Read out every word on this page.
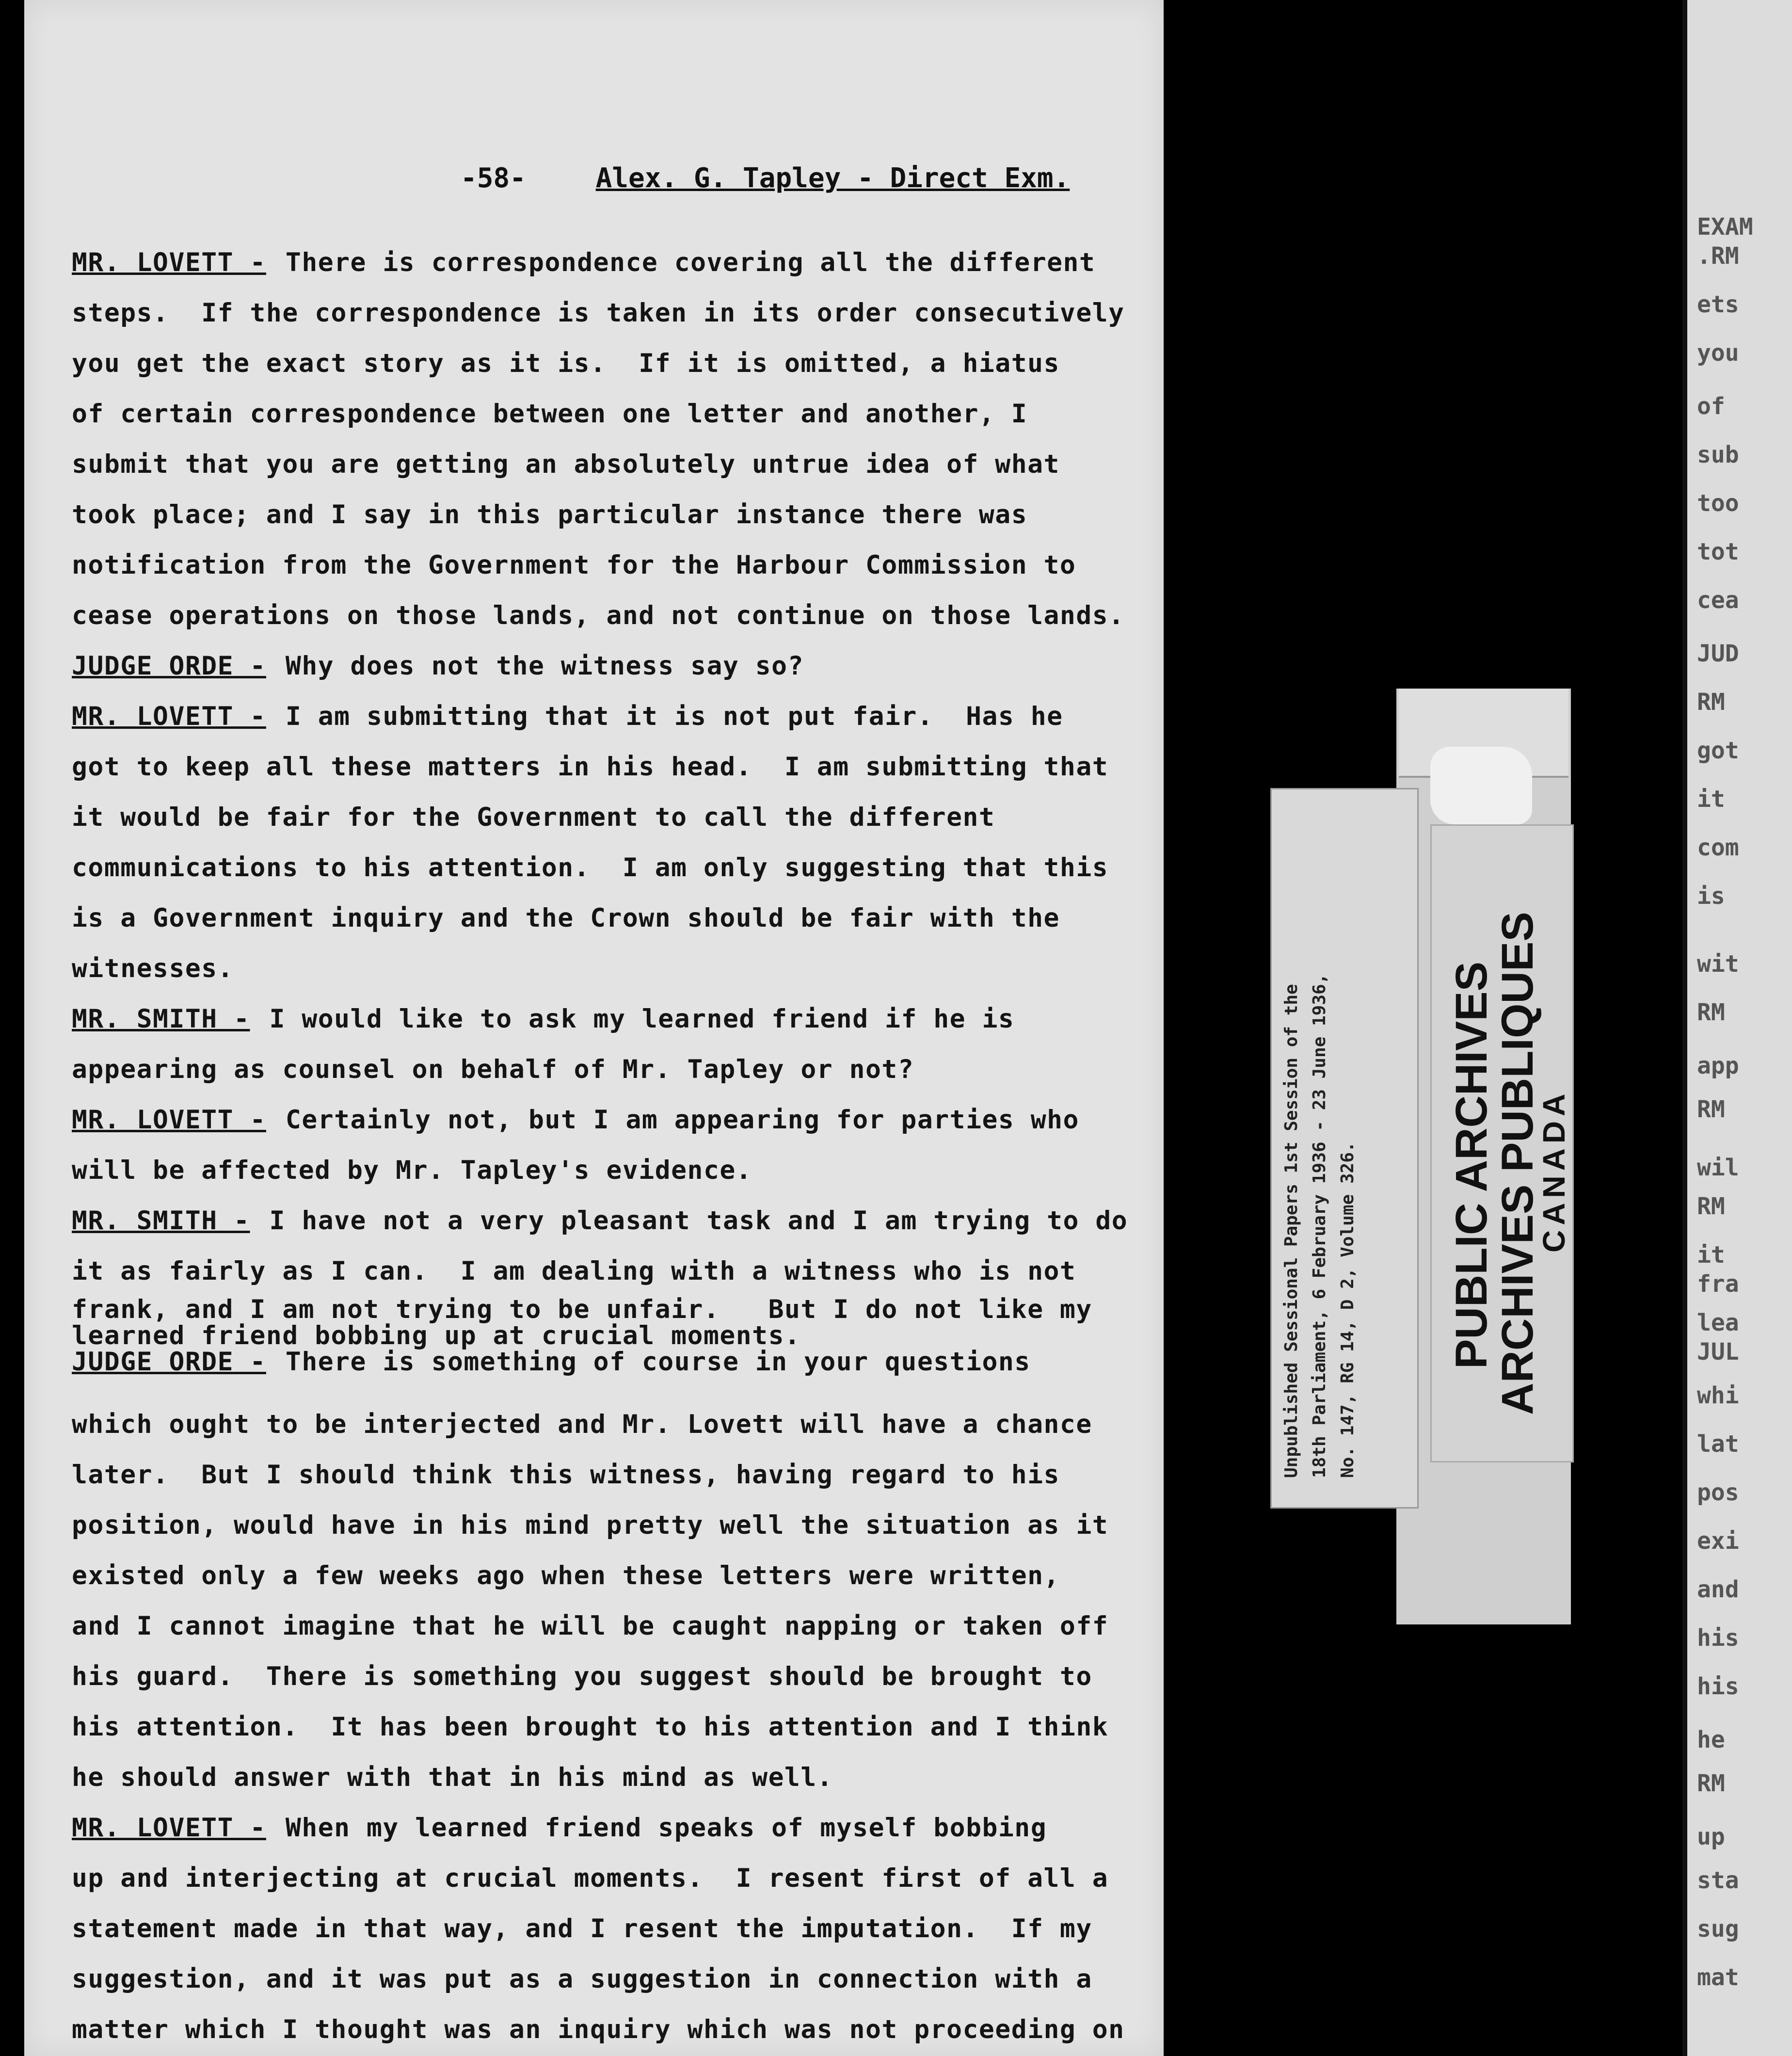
-58-	Alex. G. Tapley - Direct Exm.
MR. LOVETT - There is correspondence covering all the different
steps.  If the correspondence is taken in its order consecutively
you get the exact story as it is.  If it is omitted, a hiatus
of certain correspondence between one letter and another, I
submit that you are getting an absolutely untrue idea of what
took place; and I say in this particular instance there was
notification from the Government for the Harbour Commission to
cease operations on those lands, and not continue on those lands.
JUDGE ORDE - Why does not the witness say so?
MR. LOVETT - I am submitting that it is not put fair.  Has he
got to keep all these matters in his head.  I am submitting that
it would be fair for the Government to call the different
communications to his attention.  I am only suggesting that this
is a Government inquiry and the Crown should be fair with the
witnesses.
MR. SMITH - I would like to ask my learned friend if he is
appearing as counsel on behalf of Mr. Tapley or not?
MR. LOVETT - Certainly not, but I am appearing for parties who
will be affected by Mr. Tapley's evidence.
MR. SMITH - I have not a very pleasant task and I am trying to do
it as fairly as I can.  I am dealing with a witness who is not
frank, and I am not trying to be unfair.   But I do not like my
learned friend bobbing up at crucial moments.
JUDGE ORDE - There is something of course in your questions
which ought to be interjected and Mr. Lovett will have a chance
later.  But I should think this witness, having regard to his
position, would have in his mind pretty well the situation as it
existed only a few weeks ago when these letters were written,
and I cannot imagine that he will be caught napping or taken off
his guard.  There is something you suggest should be brought to
his attention.  It has been brought to his attention and I think
he should answer with that in his mind as well.
MR. LOVETT - When my learned friend speaks of myself bobbing
up and interjecting at crucial moments.  I resent first of all a
statement made in that way, and I resent the imputation.  If my
suggestion, and it was put as a suggestion in connection with a
matter which I thought was an inquiry which was not proceeding on
EXAM
.RM
ets
you
of
sub
too
tot
cea
JUD
RM
got
it
com
is
wit
RM
app
RM
wil
RM
it
fra
lea
JUL
whi
lat
pos
exi
and
his
his
he
RM
up
sta
sug
mat
PUBLIC ARCHIVES
ARCHIVES PUBLIQUES
CANADA
Unpublished Sessional Papers 1st Session of the 18th Parliament, 6 February 1936 - 23 June 1936, No. 147, RG 14, D 2, Volume 326.
